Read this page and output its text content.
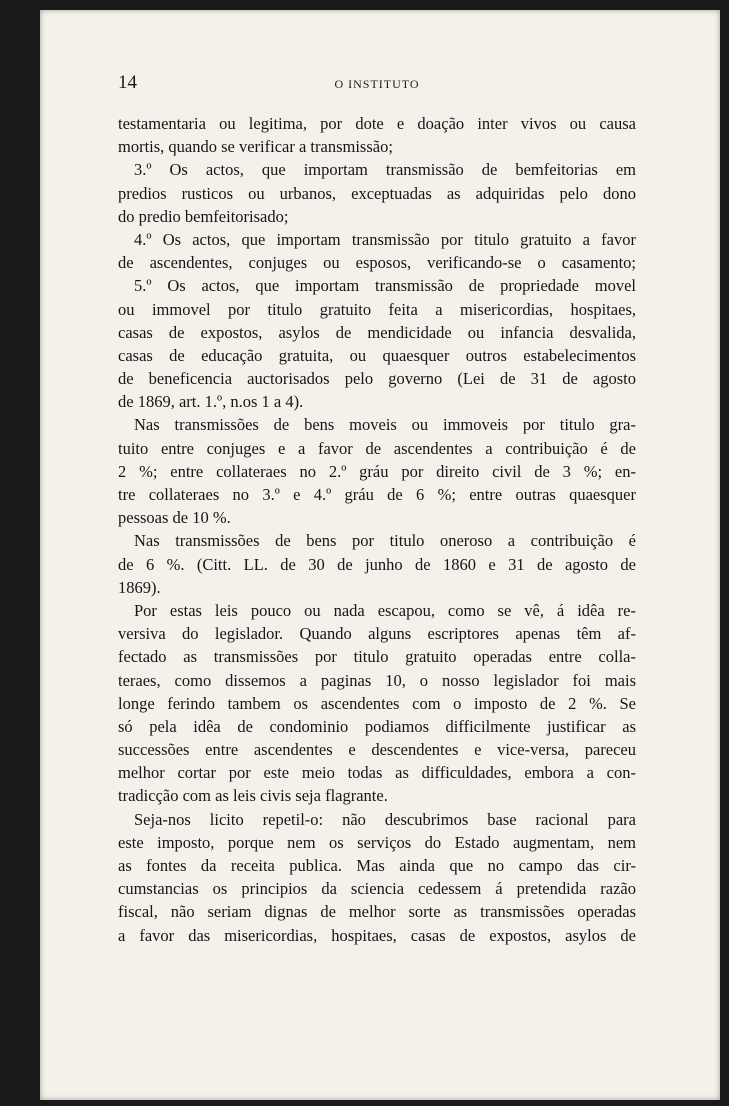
14	O INSTITUTO
testamentaria ou legitima, por dote e doação inter vivos ou causa
mortis, quando se verificar a transmissão;
3.º Os actos, que importam transmissão de bemfeitorias em
predios rusticos ou urbanos, exceptuadas as adquiridas pelo dono
do predio bemfeitorisado;
4.º Os actos, que importam transmissão por titulo gratuito a favor
de ascendentes, conjuges ou esposos, verificando-se o casamento;
5.º Os actos, que importam transmissão de propriedade movel
ou immovel por titulo gratuito feita a misericordias, hospitaes,
casas de expostos, asylos de mendicidade ou infancia desvalida,
casas de educação gratuita, ou quaesquer outros estabelecimentos
de beneficencia auctorisados pelo governo (Lei de 31 de agosto
de 1869, art. 1.º, n.os 1 a 4).
Nas transmissões de bens moveis ou immoveis por titulo gra-
tuito entre conjuges e a favor de ascendentes a contribuição é de
2 %; entre collateraes no 2.º gráu por direito civil de 3 %; en-
tre collateraes no 3.º e 4.º gráu de 6 %; entre outras quaesquer
pessoas de 10 %.
Nas transmissões de bens por titulo oneroso a contribuição é
de 6 %. (Citt. LL. de 30 de junho de 1860 e 31 de agosto de
1869).
Por estas leis pouco ou nada escapou, como se vê, á idêa re-
versiva do legislador. Quando alguns escriptores apenas têm af-
fectado as transmissões por titulo gratuito operadas entre colla-
teraes, como dissemos a paginas 10, o nosso legislador foi mais
longe ferindo tambem os ascendentes com o imposto de 2 %. Se
só pela idêa de condominio podiamos difficilmente justificar as
successões entre ascendentes e descendentes e vice-versa, pareceu
melhor cortar por este meio todas as difficuldades, embora a con-
tradicção com as leis civis seja flagrante.
Seja-nos licito repetil-o: não descubrimos base racional para
este imposto, porque nem os serviços do Estado augmentam, nem
as fontes da receita publica. Mas ainda que no campo das cir-
cumstancias os principios da sciencia cedessem á pretendida razão
fiscal, não seriam dignas de melhor sorte as transmissões operadas
a favor das misericordias, hospitaes, casas de expostos, asylos de
